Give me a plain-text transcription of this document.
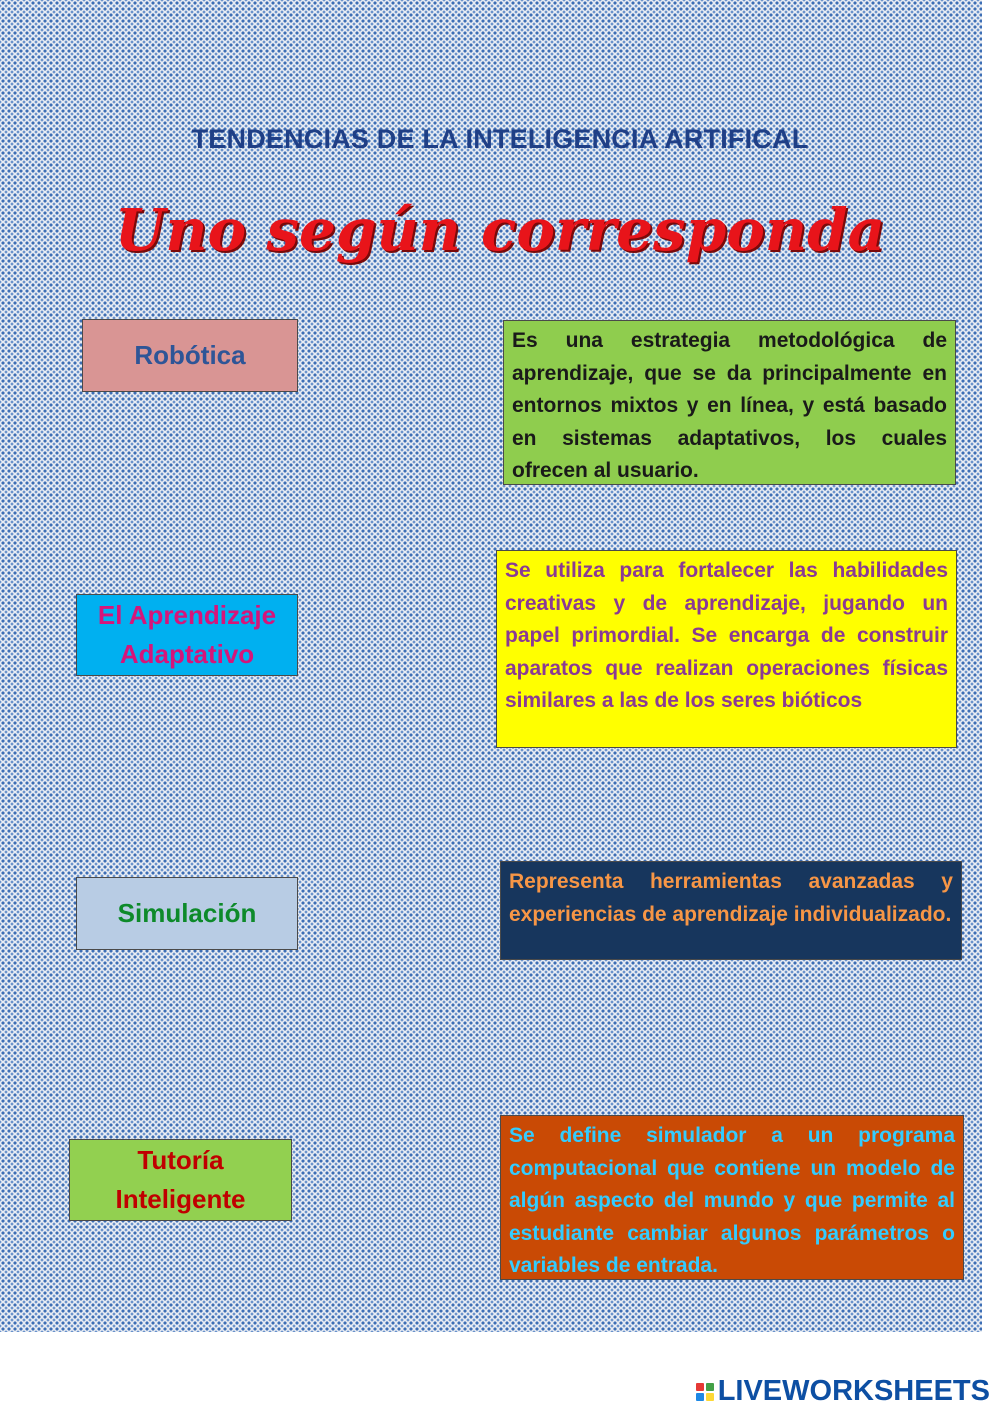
TENDENCIAS DE LA INTELIGENCIA ARTIFICAL
Uno según corresponda
Robótica
El Aprendizaje Adaptativo
Simulación
Tutoría Inteligente
Es una estrategia metodológica de aprendizaje, que se da principalmente en entornos mixtos y en línea, y está basado en sistemas adaptativos, los cuales ofrecen al usuario.
Se utiliza para fortalecer las habilidades creativas y de aprendizaje, jugando un papel primordial. Se encarga de construir aparatos que realizan operaciones físicas similares a las de los seres bióticos
Representa herramientas avanzadas y experiencias de aprendizaje individualizado.
Se define simulador a un programa computacional que contiene un modelo de algún aspecto del mundo y que permite al estudiante cambiar algunos parámetros o variables de entrada.
LIVEWORKSHEETS
